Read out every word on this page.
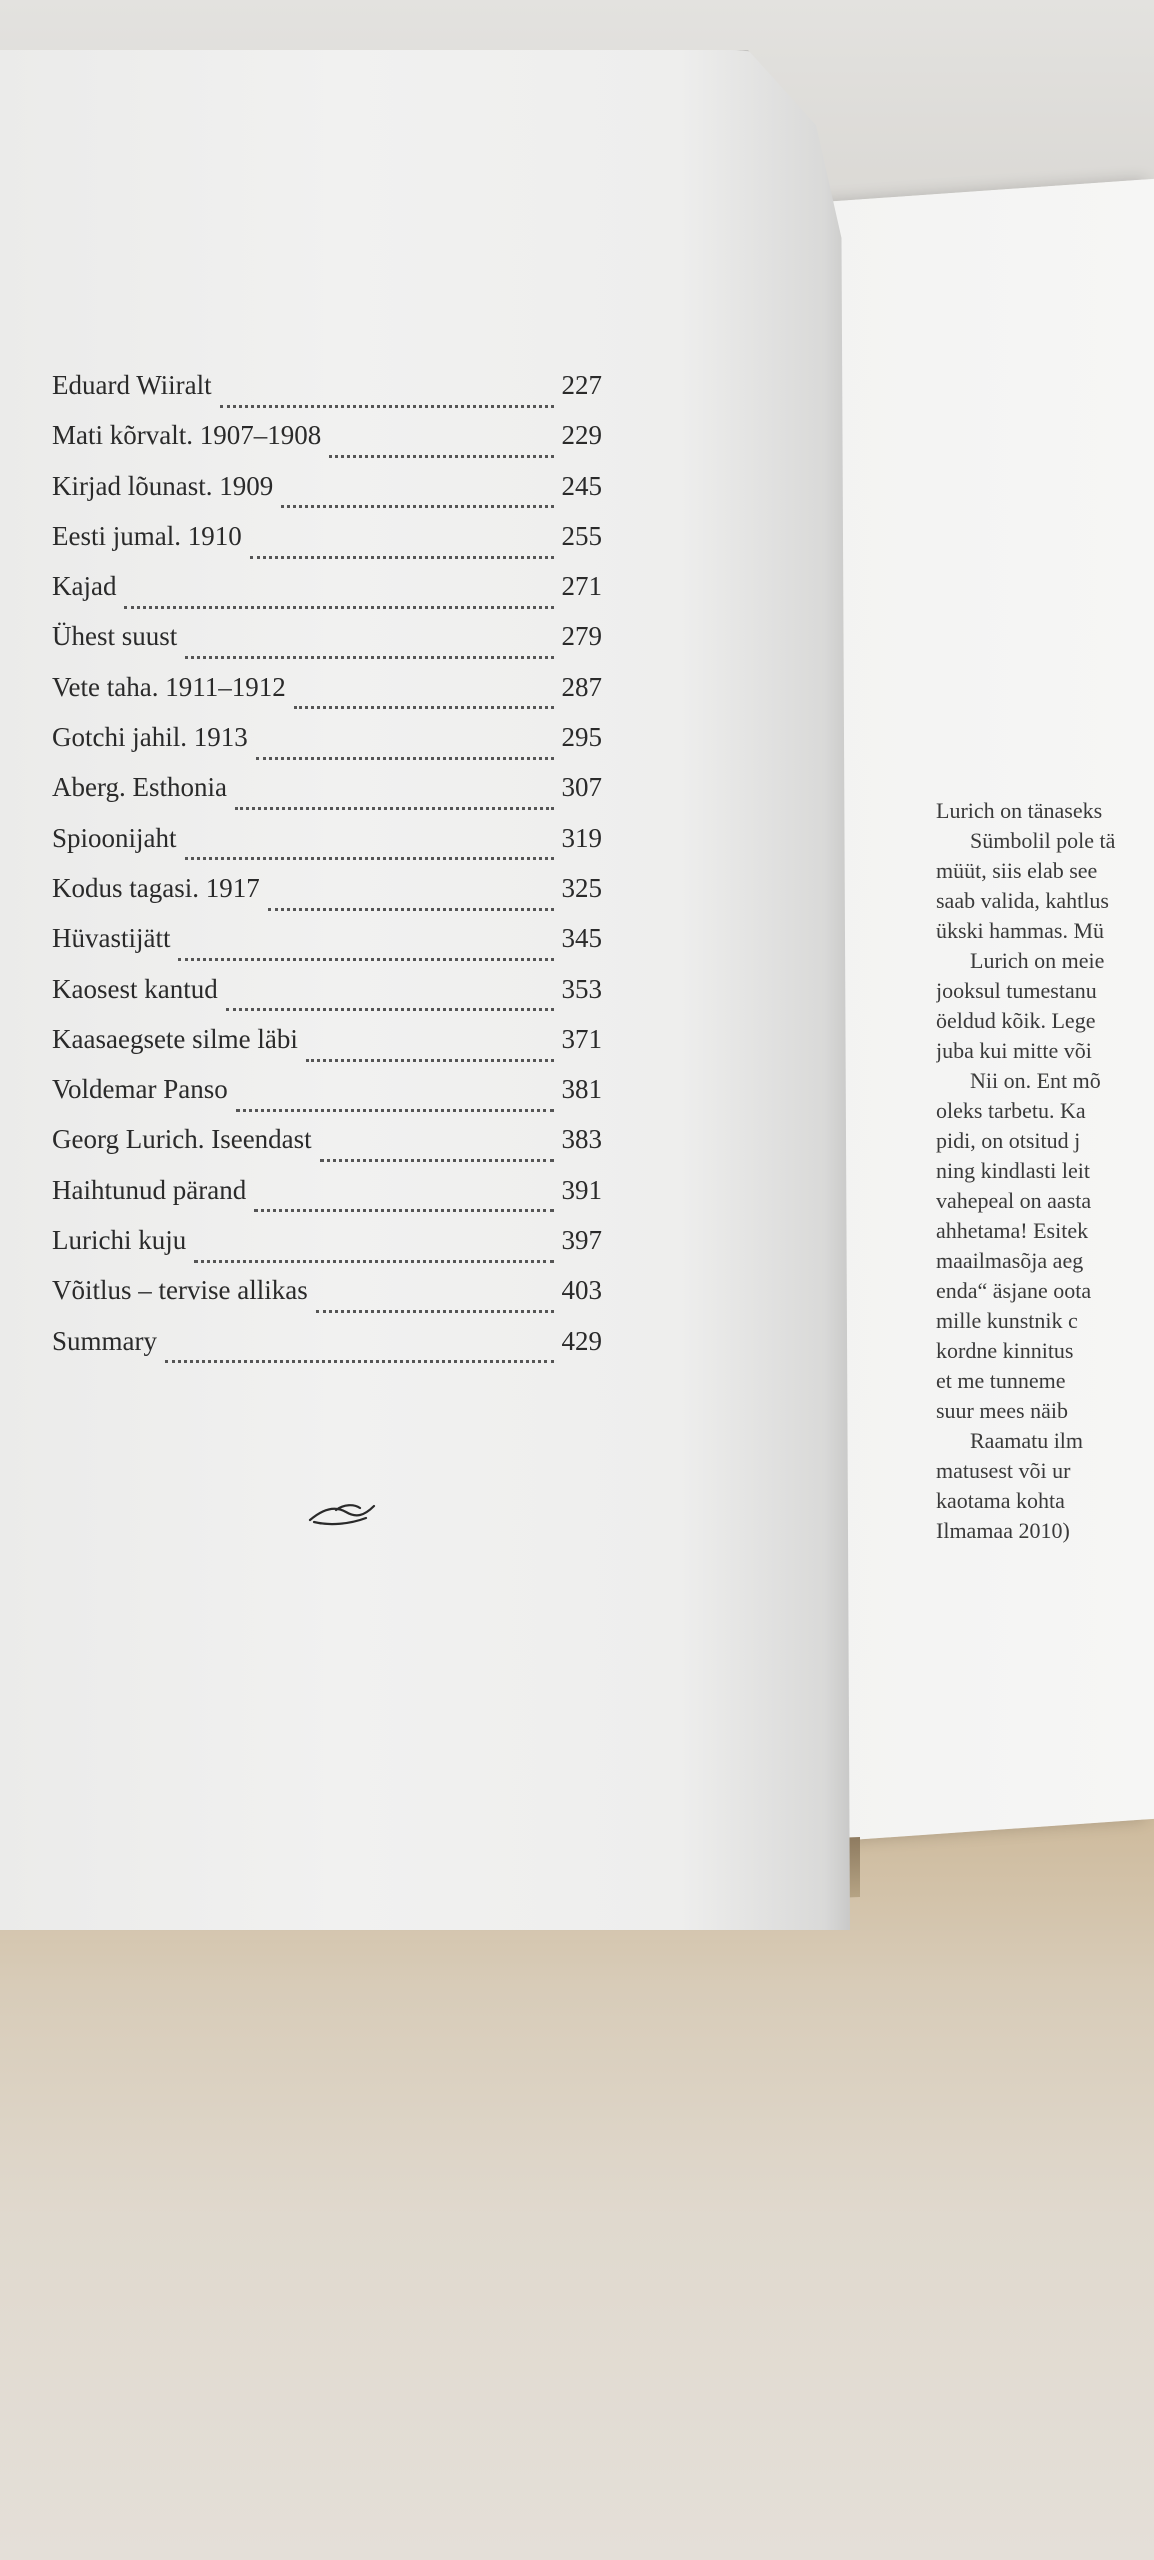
Lurich on tänaseks
Sümbolil pole tä
müüt, siis elab see
saab valida, kahtlus
ükski hammas. Mü
Lurich on meie
jooksul tumestanu
öeldud kõik. Lege
juba kui mitte või
Nii on. Ent mõ
oleks tarbetu. Ka
pidi, on otsitud j
ning kindlasti leit
vahepeal on aasta
ahhetama! Esitek
maailmasõja aeg
enda“ äsjane oota
mille kunstnik c
kordne kinnitus
et me tunneme
suur mees näib
Raamatu ilm
matusest või ur
kaotama kohta
Ilmamaa 2010)
Eduard Wiiralt	227
Mati kõrvalt. 1907–1908	229
Kirjad lõunast. 1909	245
Eesti jumal. 1910	255
Kajad	271
Ühest suust	279
Vete taha. 1911–1912	287
Gotchi jahil. 1913	295
Aberg. Esthonia	307
Spioonijaht	319
Kodus tagasi. 1917	325
Hüvastijätt	345
Kaosest kantud	353
Kaasaegsete silme läbi	371
Voldemar Panso	381
Georg Lurich. Iseendast	383
Haihtunud pärand	391
Lurichi kuju	397
Võitlus – tervise allikas	403
Summary	429
